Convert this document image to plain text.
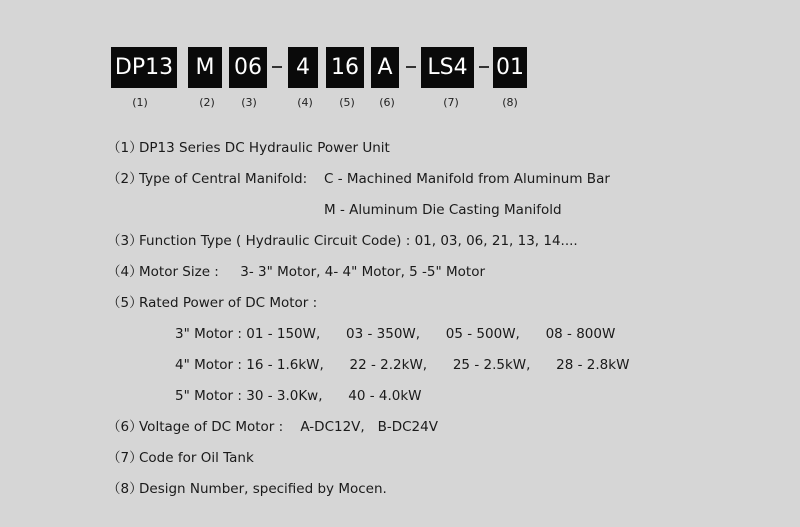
DP13	M 06	4 16 A LS4 01
(1)	(2)	(3)	(4)	(5)	(6)	(7)	(8)
（1）DP13 Series DC Hydraulic Power Unit
（2）Type of Central Manifold: C - Machined Manifold from Aluminum Bar
M - Aluminum Die Casting Manifold
（3）Function Type ( Hydraulic Circuit Code) : 01, 03, 06, 21, 13, 14....
（4）Motor Size :     3- 3" Motor, 4- 4" Motor, 5 -5" Motor
（5）Rated Power of DC Motor :
3" Motor : 01 - 150W,      03 - 350W,      05 - 500W,      08 - 800W
4" Motor : 16 - 1.6kW,      22 - 2.2kW,      25 - 2.5kW,      28 - 2.8kW
5" Motor : 30 - 3.0Kw,      40 - 4.0kW
（6）Voltage of DC Motor :    A-DC12V,   B-DC24V
（7）Code for Oil Tank
（8）Design Number, specified by Mocen.
